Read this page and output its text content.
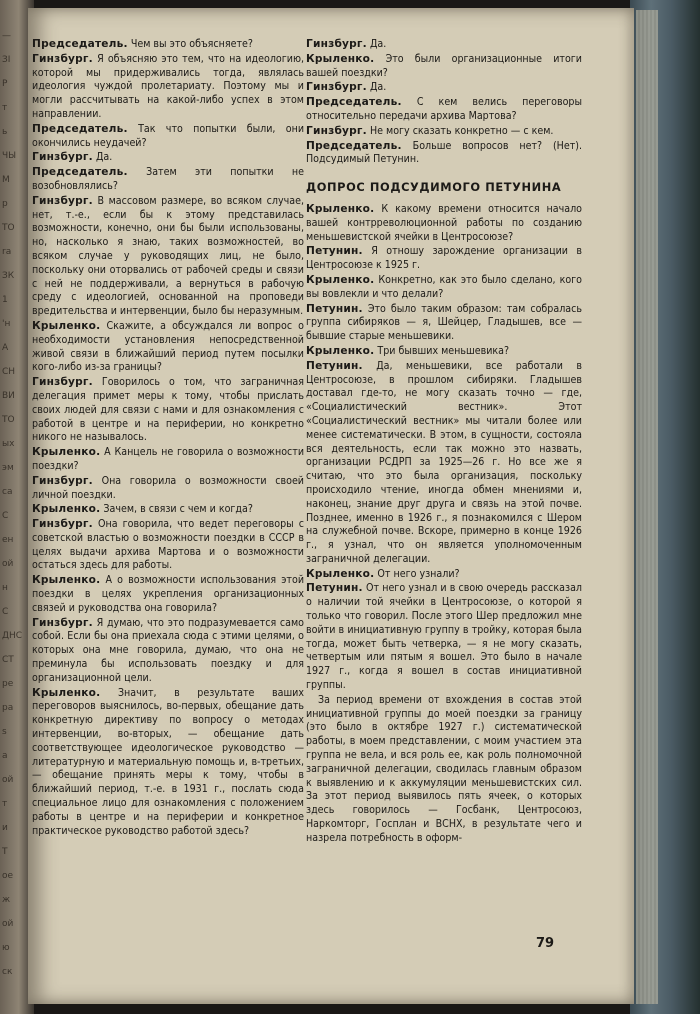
—
ЗI
P
т
ь
ЧЫ
M
р
ТО
ra
ЗК
1
'н
A
СН
ВИ
TO
ых
эм
ca
C
eн
ой
н
C
ДНС
CT
pe
pa
s
а
ой
т
и
T
oe
ж
ой
ю
ск

Председатель. Чем вы это объясняете?

Гинзбург. Я объясняю это тем, что на идеологию, которой мы придерживались тогда, являлась идеология чуждой пролетариату. Поэтому мы и могли рассчитывать на какой-либо успех в этом направлении.

Председатель. Так что попытки были, они окончились неудачей?

Гинзбург. Да.

Председатель. Затем эти попытки не возобновлялись?

Гинзбург. В массовом размере, во всяком случае, нет, т.-е., если бы к этому представилась возможности, конечно, они бы были использованы, но, насколько я знаю, таких возможностей, во всяком случае у руководящих лиц, не было, поскольку они оторвались от рабочей среды и связи с ней не поддерживали, а вернуться в рабочую среду с идеологией, основанной на проповеди вредительства и интервенции, было бы неразумным.

Крыленко. Скажите, а обсуждался ли вопрос о необходимости установления непосредственной живой связи в ближайший период путем посылки кого-либо из-за границы?

Гинзбург. Говорилось о том, что заграничная делегация примет меры к тому, чтобы прислать своих людей для связи с нами и для ознакомления с работой в центре и на периферии, но конкретно никого не называлось.

Крыленко. А Канцель не говорила о возможности поездки?

Гинзбург. Она говорила о возможности своей личной поездки.

Крыленко. Зачем, в связи с чем и когда?

Гинзбург. Она говорила, что ведет переговоры с советской властью о возможности поездки в СССР в целях выдачи архива Мартова и о возможности остаться здесь для работы.

Крыленко. А о возможности использования этой поездки в целях укрепления организационных связей и руководства она говорила?

Гинзбург. Я думаю, что это подразумевается само собой. Если бы она приехала сюда с этими целями, о которых она мне говорила, думаю, что она не преминула бы использовать поездку и для организационной цели.

Крыленко. Значит, в результате ваших переговоров выяснилось, во-первых, обещание дать конкретную директиву по вопросу о методах интервенции, во-вторых, — обещание дать соответствующее идеологическое руководство — литературную и материальную помощь и, в-третьих, — обещание принять меры к тому, чтобы в ближайший период, т.-е. в 1931 г., послать сюда специальное лицо для ознакомления с положением работы в центре и на периферии и конкретное практическое руководство работой здесь?

Гинзбург. Да.

Крыленко. Это были организационные итоги вашей поездки?

Гинзбург. Да.

Председатель. С кем велись переговоры относительно передачи архива Мартова?

Гинзбург. Не могу сказать конкретно — с кем.

Председатель. Больше вопросов нет? (Нет). Подсудимый Петунин.

ДОПРОС ПОДСУДИМОГО ПЕТУНИНА

Крыленко. К какому времени относится начало вашей контрреволюционной работы по созданию меньшевистской ячейки в Центросоюзе?

Петунин. Я отношу зарождение организации в Центросоюзе к 1925 г.

Крыленко. Конкретно, как это было сделано, кого вы вовлекли и что делали?

Петунин. Это было таким образом: там собралась группа сибиряков — я, Шейцер, Гладышев, все — бывшие старые меньшевики.

Крыленко. Три бывших меньшевика?

Петунин. Да, меньшевики, все работали в Центросоюзе, в прошлом сибиряки. Гладышев доставал где-то, не могу сказать точно — где, «Социалистический вестник». Этот «Социалистический вестник» мы читали более или менее систематически. В этом, в сущности, состояла вся деятельность, если так можно это назвать, организации РСДРП за 1925—26 г. Но все же я считаю, что это была организация, поскольку происходило чтение, иногда обмен мнениями и, наконец, знание друг друга и связь на этой почве. Позднее, именно в 1926 г., я познакомился с Шером на служебной почве. Вскоре, примерно в конце 1926 г., я узнал, что он является уполномоченным заграничной делегации.

Крыленко. От него узнали?

Петунин. От него узнал и в свою очередь рассказал о наличии той ячейки в Центросоюзе, о которой я только что говорил. После этого Шер предложил мне войти в инициативную группу в тройку, которая была тогда, может быть четверка, — я не могу сказать, четвертым или пятым я вошел. Это было в начале 1927 г., когда я вошел в состав инициативной группы.

За период времени от вхождения в состав этой инициативной группы до моей поездки за границу (это было в октябре 1927 г.) систематической работы, в моем представлении, с моим участием эта группа не вела, и вся роль ее, как роль полномочной заграничной делегации, сводилась главным образом к выявлению и к аккумуляции меньшевистских сил. За этот период выявилось пять ячеек, о которых здесь говорилось — Госбанк, Центросоюз, Наркомторг, Госплан и ВСНХ, в результате чего и назрела потребность в оформ-

79
